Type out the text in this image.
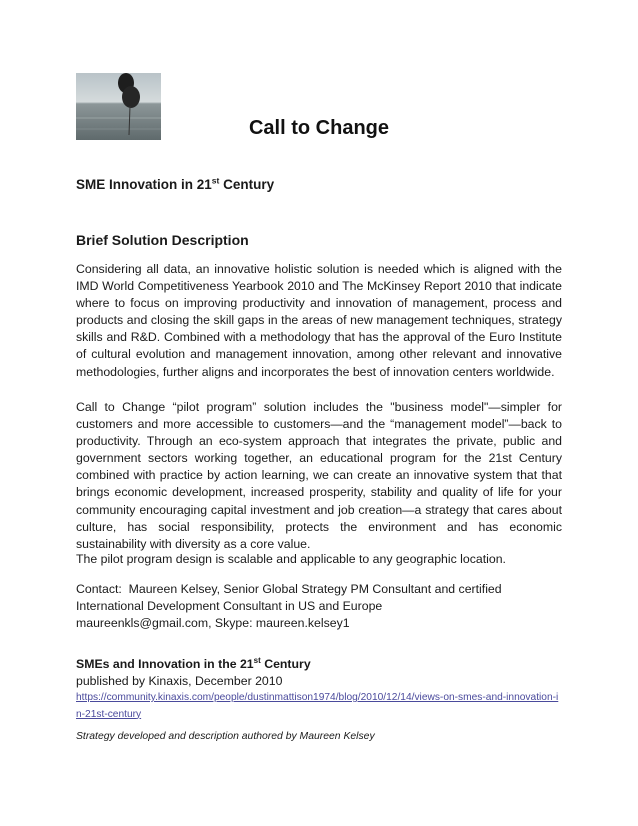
Call to Change
SME Innovation in 21st Century
Brief Solution Description

Considering all data, an innovative holistic solution is needed which is aligned with the IMD World Competitiveness Yearbook 2010 and The McKinsey Report 2010 that indicate where to focus on improving productivity and innovation of management, process and products and closing the skill gaps in the areas of new management techniques, strategy skills and R&D. Combined with a methodology that has the approval of the Euro Institute of cultural evolution and management innovation, among other relevant and innovative methodologies, further aligns and incorporates the best of innovation centers worldwide.

Call to Change “pilot program” solution includes the "business model"—simpler for customers and more accessible to customers—and the “management model”—back to productivity. Through an eco-system approach that integrates the private, public and government sectors working together, an educational program for the 21st Century combined with practice by action learning, we can create an innovative system that that brings economic development, increased prosperity, stability and quality of life for your community encouraging capital investment and job creation—a strategy that cares about culture, has social responsibility, protects the environment and has economic sustainability with diversity as a core value.

The pilot program design is scalable and applicable to any geographic location.

Contact:  Maureen Kelsey, Senior Global Strategy PM Consultant and certified
International Development Consultant in US and Europe
maureenkls@gmail.com, Skype: maureen.kelsey1

SMEs and Innovation in the 21st Century

published by Kinaxis, December 2010

https://community.kinaxis.com/people/dustinmattison1974/blog/2010/12/14/views-on-smes-and-innovation-in-21st-century

Strategy developed and description authored by Maureen Kelsey
